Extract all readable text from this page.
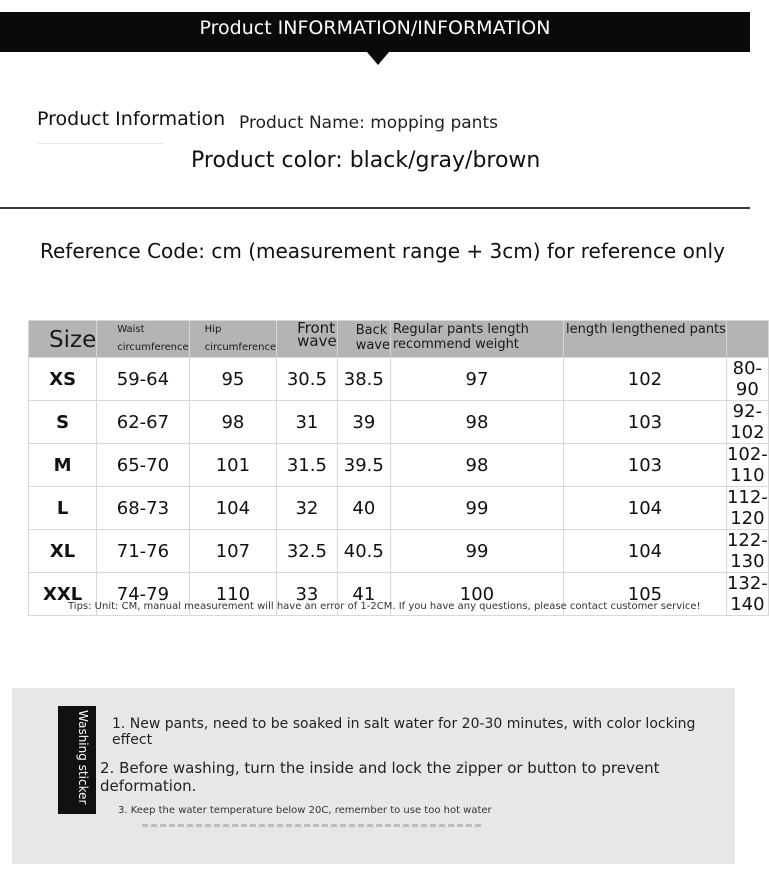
Product INFORMATION/INFORMATION
Product Information Product Name: mopping pants
Product color: black/gray/brown
Reference Code: cm (measurement range + 3cm) for reference only
Size	Waist circumference	Hip circumference	Front wave	Back wave	Regular pants length recommend weight	length lengthened pants	
XS	59-64	95	30.5	38.5	97	102	80-90
S	62-67	98	31	39	98	103	92-102
M	65-70	101	31.5	39.5	98	103	102-110
L	68-73	104	32	40	99	104	112-120
XL	71-76	107	32.5	40.5	99	104	122-130
XXL	74-79	110	33	41	100	105	132-140
Tips: Unit: CM, manual measurement will have an error of 1-2CM. If you have any questions, please contact customer service!
Washing sticker 1. New pants, need to be soaked in salt water for 20-30 minutes, with color locking effect
2. Before washing, turn the inside and lock the zipper or button to prevent deformation.
3. Keep the water temperature below 20C, remember to use too hot water
